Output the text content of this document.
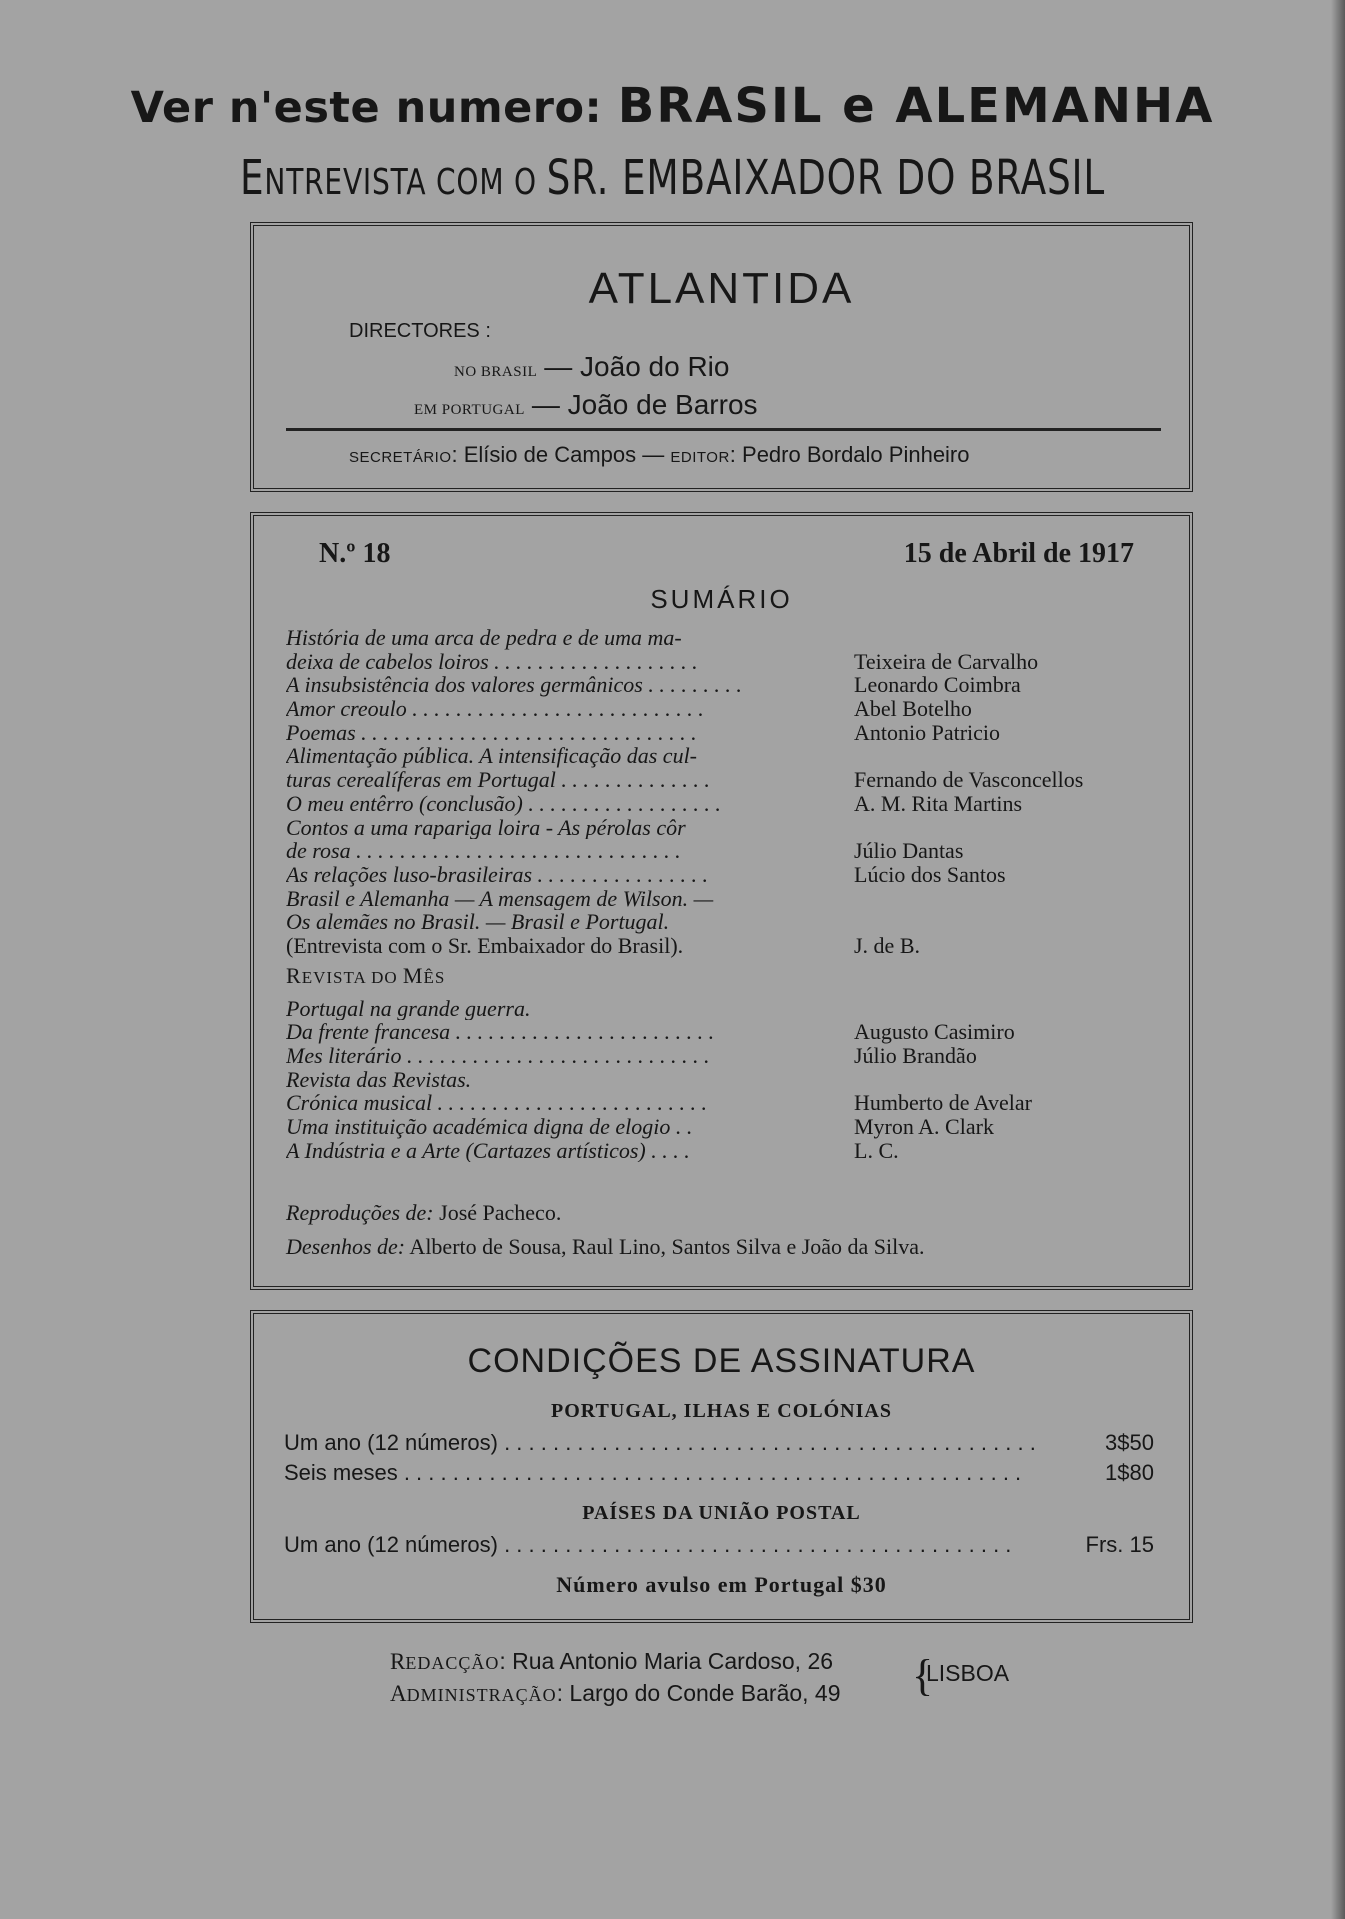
Ver n'este numero: BRASIL e ALEMANHA
ENTREVISTA COM O SR. EMBAIXADOR DO BRASIL
ATLANTIDA
DIRECTORES :
NO BRASIL — João do Rio
EM PORTUGAL — João de Barros
SECRETÁRIO: Elísio de Campos — EDITOR: Pedro Bordalo Pinheiro
N.º 18	15 de Abril de 1917
SUMÁRIO
História de uma arca de pedra e de uma ma-
deixa de cabelos loiros . . . . . . . . . . . . . . . . . . .	Teixeira de Carvalho
A insubsistência dos valores germânicos . . . . . . . . .	Leonardo Coimbra
Amor creoulo . . . . . . . . . . . . . . . . . . . . . . . . . . .	Abel Botelho
Poemas . . . . . . . . . . . . . . . . . . . . . . . . . . . . . . .	Antonio Patricio
Alimentação pública. A intensificação das cul-
turas cerealíferas em Portugal . . . . . . . . . . . . . .	Fernando de Vasconcellos
O meu entêrro (conclusão) . . . . . . . . . . . . . . . . . .	A. M. Rita Martins
Contos a uma rapariga loira - As pérolas côr
de rosa . . . . . . . . . . . . . . . . . . . . . . . . . . . . . .	Júlio Dantas
As relações luso-brasileiras . . . . . . . . . . . . . . . .	Lúcio dos Santos
Brasil e Alemanha — A mensagem de Wilson. —
Os alemães no Brasil. — Brasil e Portugal.
(Entrevista com o Sr. Embaixador do Brasil).	J. de B.
REVISTA DO MÊS
Portugal na grande guerra.
Da frente francesa . . . . . . . . . . . . . . . . . . . . . . . .	Augusto Casimiro
Mes literário . . . . . . . . . . . . . . . . . . . . . . . . . . . .	Júlio Brandão
Revista das Revistas.
Crónica musical . . . . . . . . . . . . . . . . . . . . . . . . .	Humberto de Avelar
Uma instituição académica digna de elogio . .	Myron A. Clark
A Indústria e a Arte (Cartazes artísticos) . . . .	L. C.
Reproduções de: José Pacheco.
Desenhos de: Alberto de Sousa, Raul Lino, Santos Silva e João da Silva.
CONDIÇÕES DE ASSINATURA
PORTUGAL, ILHAS E COLÓNIAS
Um ano (12 números) . . . . . . . . . . . . . . . . . . . . . . . . . . . . . . . . . . . . . . . . . . . .	3$50
Seis meses . . . . . . . . . . . . . . . . . . . . . . . . . . . . . . . . . . . . . . . . . . . . . . . . . . .	1$80
PAÍSES DA UNIÃO POSTAL
Um ano (12 números) . . . . . . . . . . . . . . . . . . . . . . . . . . . . . . . . . . . . . . . . . .	Frs. 15
Número avulso em Portugal $30
REDACÇÃO: Rua Antonio Maria Cardoso, 26
ADMINISTRAÇÃO: Largo do Conde Barão, 49 {
LISBOA
